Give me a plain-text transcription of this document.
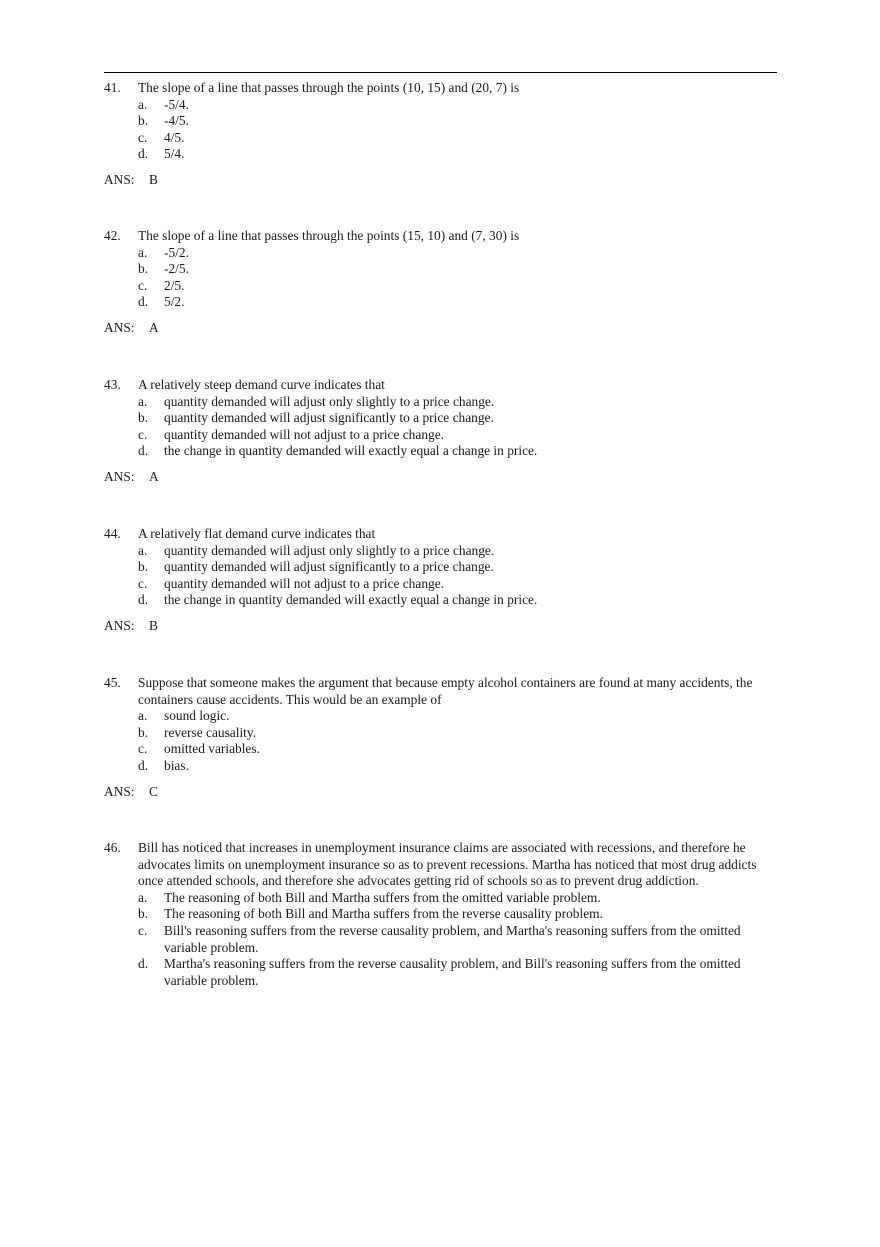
41.	The slope of a line that passes through the points (10, 15) and (20, 7) is
a.	-5/4.
b.	-4/5.
c.	4/5.
d.	5/4.
ANS: B
42.	The slope of a line that passes through the points (15, 10) and (7, 30) is
a.	-5/2.
b.	-2/5.
c.	2/5.
d.	5/2.
ANS: A
43.	A relatively steep demand curve indicates that
a.	quantity demanded will adjust only slightly to a price change.
b.	quantity demanded will adjust significantly to a price change.
c.	quantity demanded will not adjust to a price change.
d.	the change in quantity demanded will exactly equal a change in price.
ANS: A
44.	A relatively flat demand curve indicates that
a.	quantity demanded will adjust only slightly to a price change.
b.	quantity demanded will adjust significantly to a price change.
c.	quantity demanded will not adjust to a price change.
d.	the change in quantity demanded will exactly equal a change in price.
ANS: B
45.	Suppose that someone makes the argument that because empty alcohol containers are found at many accidents, the containers cause accidents. This would be an example of
a.	sound logic.
b.	reverse causality.
c.	omitted variables.
d.	bias.
ANS: C
46.	Bill has noticed that increases in unemployment insurance claims are associated with recessions, and therefore he advocates limits on unemployment insurance so as to prevent recessions. Martha has noticed that most drug addicts once attended schools, and therefore she advocates getting rid of schools so as to prevent drug addiction.
a.	The reasoning of both Bill and Martha suffers from the omitted variable problem.
b.	The reasoning of both Bill and Martha suffers from the reverse causality problem.
c.	Bill's reasoning suffers from the reverse causality problem, and Martha's reasoning suffers from the omitted variable problem.
d.	Martha's reasoning suffers from the reverse causality problem, and Bill's reasoning suffers from the omitted variable problem.
